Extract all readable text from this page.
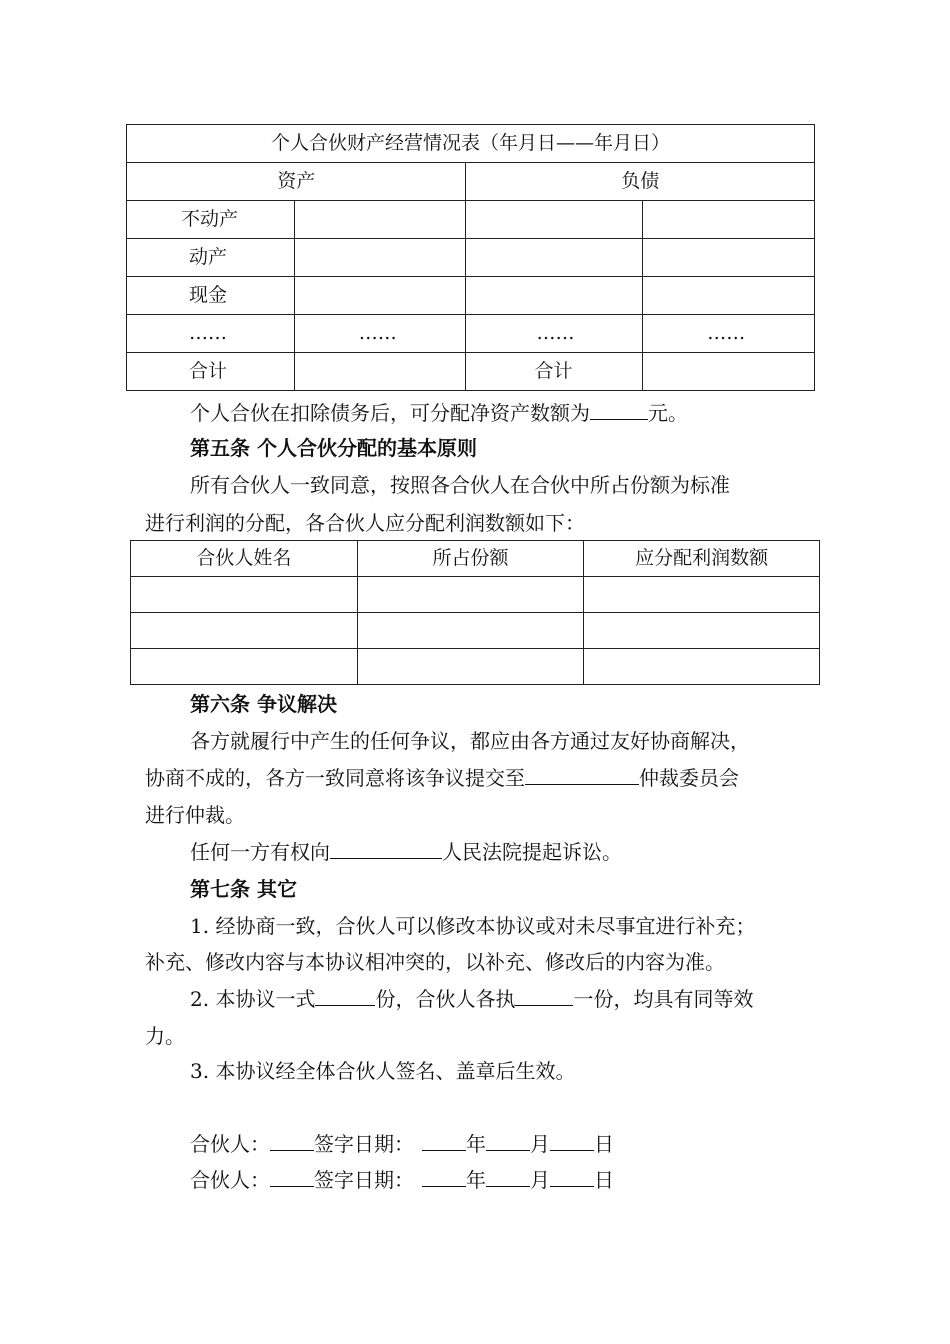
个人合伙财产经营情况表（年月日——年月日）			
资产		负债	
不动产			
动产			
现金			
……	……	……	……
合计		合计	
个人合伙在扣除债务后，可分配净资产数额为	元。
第五条 个人合伙分配的基本原则
所有合伙人一致同意，按照各合伙人在合伙中所占份额为标准
进行利润的分配，各合伙人应分配利润数额如下：
合伙人姓名	所占份额	应分配利润数额

第六条 争议解决
各方就履行中产生的任何争议，都应由各方通过友好协商解决，
协商不成的，各方一致同意将该争议提交至	仲裁委员会
进行仲裁。
任何一方有权向	人民法院提起诉讼。
第七条 其它
1. 经协商一致，合伙人可以修改本协议或对未尽事宜进行补充；
补充、修改内容与本协议相冲突的，以补充、修改后的内容为准。
2. 本协议一式	份，合伙人各执	一份，均具有同等效
力。
3. 本协议经全体合伙人签名、盖章后生效。
合伙人： 签字日期：	年 月 日
合伙人： 签字日期：	年 月 日
